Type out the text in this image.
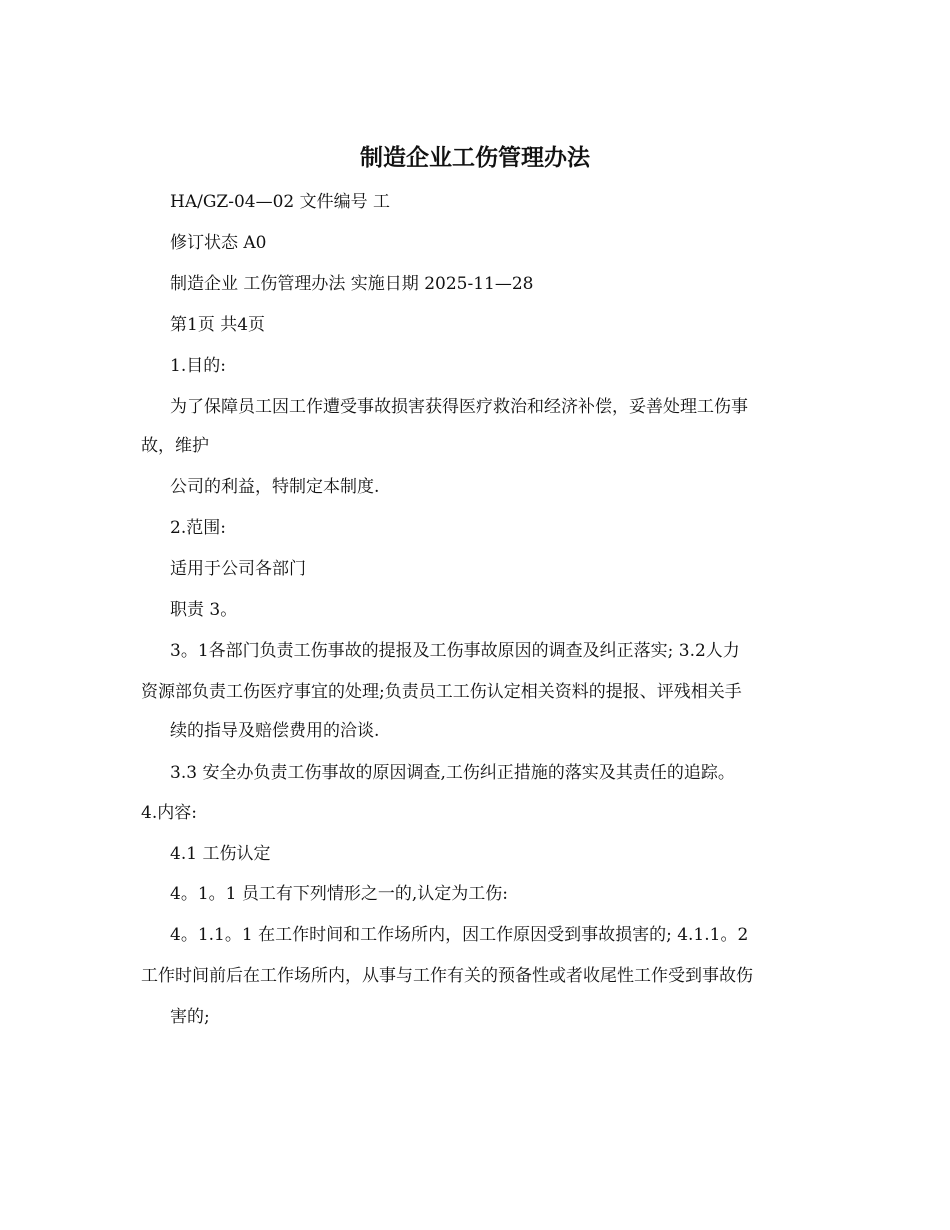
制造企业工伤管理办法

HA/GZ-04—02 文件编号 工

修订状态 A0

制造企业 工伤管理办法 实施日期 2025-11—28

第1页 共4页

1.目的:

为了保障员工因工作遭受事故损害获得医疗救治和经济补偿，妥善处理工伤事

故，维护

公司的利益，特制定本制度.

2.范围:

适用于公司各部门

职责 3。

3。1各部门负责工伤事故的提报及工伤事故原因的调查及纠正落实; 3.2人力

资源部负责工伤医疗事宜的处理;负责员工工伤认定相关资料的提报、评残相关手

续的指导及赔偿费用的洽谈.

3.3 安全办负责工伤事故的原因调查,工伤纠正措施的落实及其责任的追踪。

4.内容:

4.1 工伤认定

4。1。1 员工有下列情形之一的,认定为工伤:

4。1.1。1 在工作时间和工作场所内，因工作原因受到事故损害的; 4.1.1。2

工作时间前后在工作场所内，从事与工作有关的预备性或者收尾性工作受到事故伤

害的;
